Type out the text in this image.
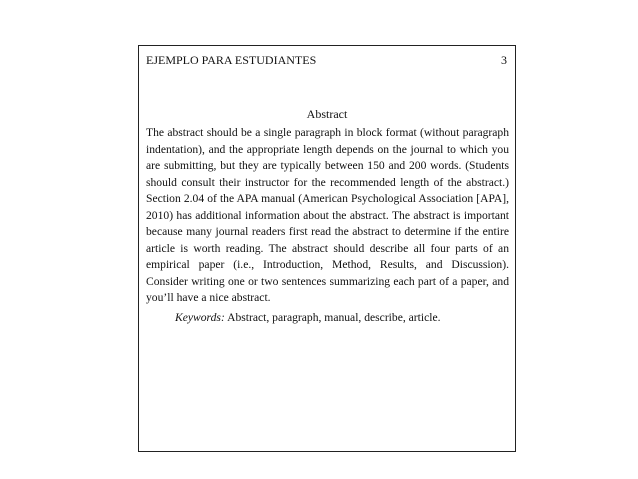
EJEMPLO PARA ESTUDIANTES	3
Abstract

The abstract should be a single paragraph in block format (without paragraph indentation), and the appropriate length depends on the journal to which you are submitting, but they are typically between 150 and 200 words. (Students should consult their instructor for the recommended length of the abstract.) Section 2.04 of the APA manual (American Psychological Association [APA], 2010) has additional information about the abstract. The abstract is important because many journal readers first read the abstract to determine if the entire article is worth reading. The abstract should describe all four parts of an empirical paper (i.e., Introduction, Method, Results, and Discussion). Consider writing one or two sentences summarizing each part of a paper, and you’ll have a nice abstract.

Keywords: Abstract, paragraph, manual, describe, article.
